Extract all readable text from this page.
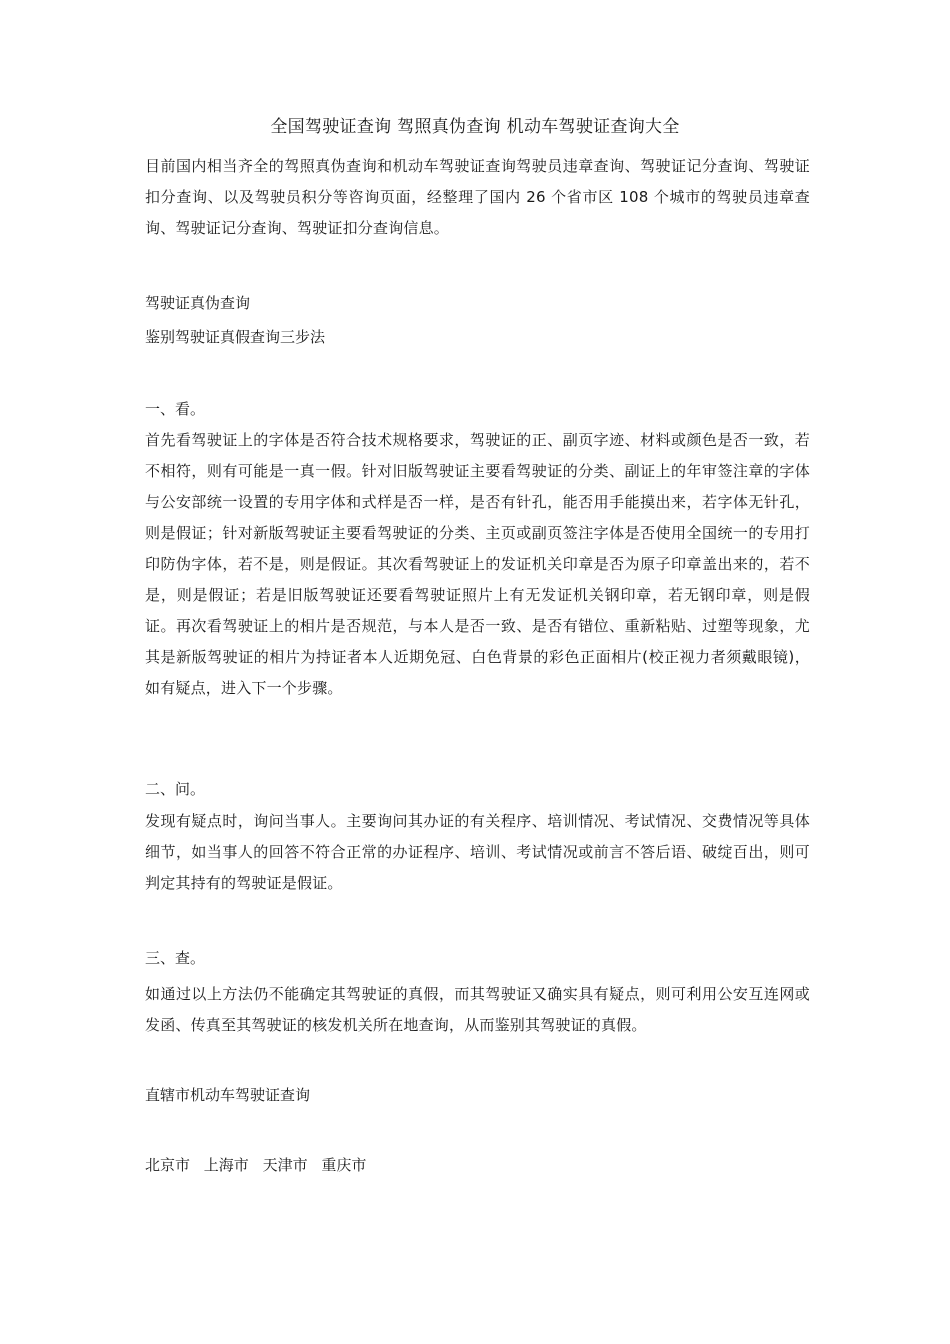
全国驾驶证查询 驾照真伪查询 机动车驾驶证查询大全
目前国内相当齐全的驾照真伪查询和机动车驾驶证查询驾驶员违章查询、驾驶证记分查询、驾驶证扣分查询、以及驾驶员积分等咨询页面，经整理了国内 26 个省市区 108 个城市的驾驶员违章查询、驾驶证记分查询、驾驶证扣分查询信息。
驾驶证真伪查询
鉴别驾驶证真假查询三步法
一、看。
首先看驾驶证上的字体是否符合技术规格要求，驾驶证的正、副页字迹、材料或颜色是否一致，若不相符，则有可能是一真一假。针对旧版驾驶证主要看驾驶证的分类、副证上的年审签注章的字体与公安部统一设置的专用字体和式样是否一样，是否有针孔，能否用手能摸出来，若字体无针孔，则是假证；针对新版驾驶证主要看驾驶证的分类、主页或副页签注字体是否使用全国统一的专用打印防伪字体，若不是，则是假证。其次看驾驶证上的发证机关印章是否为原子印章盖出来的，若不是，则是假证；若是旧版驾驶证还要看驾驶证照片上有无发证机关钢印章，若无钢印章，则是假证。再次看驾驶证上的相片是否规范，与本人是否一致、是否有错位、重新粘贴、过塑等现象，尤其是新版驾驶证的相片为持证者本人近期免冠、白色背景的彩色正面相片(校正视力者须戴眼镜)，如有疑点，进入下一个步骤。
二、问。
发现有疑点时，询问当事人。主要询问其办证的有关程序、培训情况、考试情况、交费情况等具体细节，如当事人的回答不符合正常的办证程序、培训、考试情况或前言不答后语、破绽百出，则可判定其持有的驾驶证是假证。
三、查。
如通过以上方法仍不能确定其驾驶证的真假，而其驾驶证又确实具有疑点，则可利用公安互连网或发函、传真至其驾驶证的核发机关所在地查询，从而鉴别其驾驶证的真假。
直辖市机动车驾驶证查询
北京市 上海市 天津市 重庆市
